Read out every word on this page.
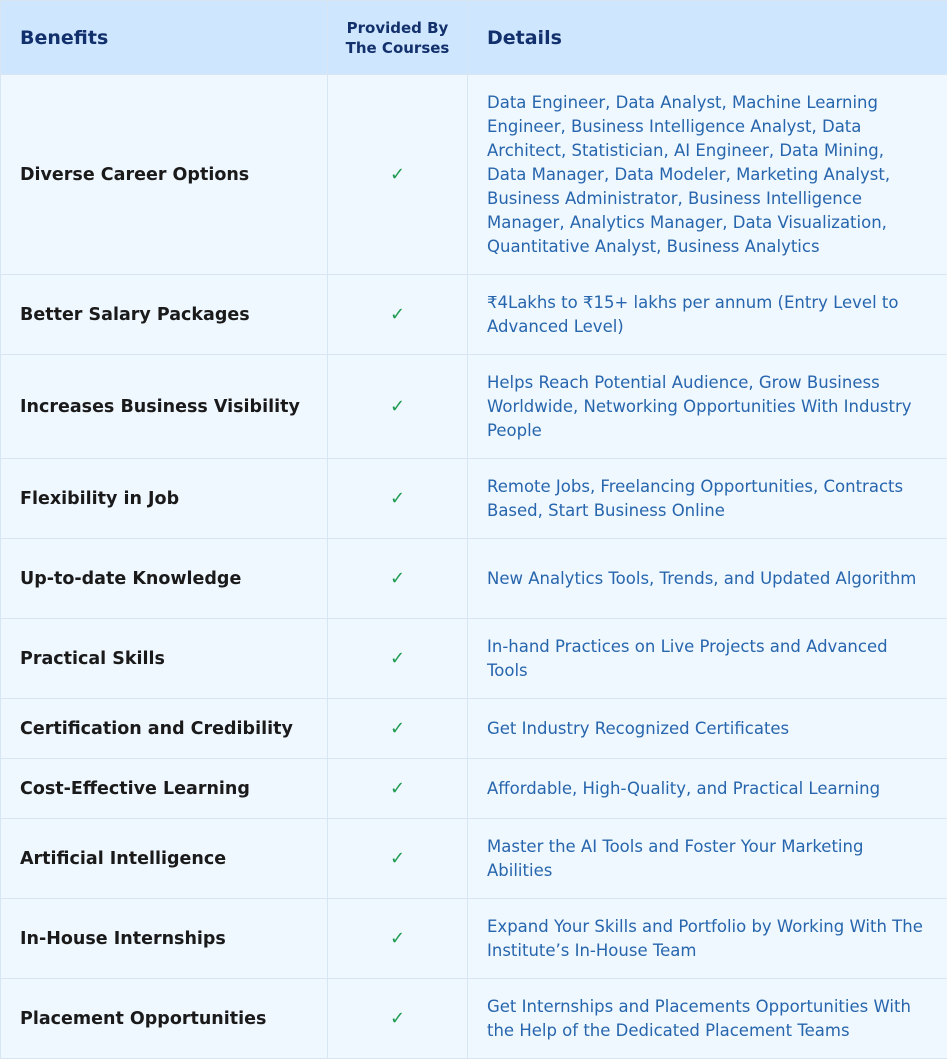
Benefits	Provided By The Courses	Details
Diverse Career Options	✓	Data Engineer, Data Analyst, Machine Learning Engineer, Business Intelligence Analyst, Data Architect, Statistician, AI Engineer, Data Mining, Data Manager, Data Modeler, Marketing Analyst, Business Administrator, Business Intelligence Manager, Analytics Manager, Data Visualization, Quantitative Analyst, Business Analytics
Better Salary Packages	✓	₹4Lakhs to ₹15+ lakhs per annum (Entry Level to Advanced Level)
Increases Business Visibility	✓	Helps Reach Potential Audience, Grow Business Worldwide, Networking Opportunities With Industry People
Flexibility in Job	✓	Remote Jobs, Freelancing Opportunities, Contracts Based, Start Business Online
Up-to-date Knowledge	✓	New Analytics Tools, Trends, and Updated Algorithm
Practical Skills	✓	In-hand Practices on Live Projects and Advanced Tools
Certification and Credibility	✓	Get Industry Recognized Certificates
Cost-Effective Learning	✓	Affordable, High-Quality, and Practical Learning
Artificial Intelligence	✓	Master the AI Tools and Foster Your Marketing Abilities
In-House Internships	✓	Expand Your Skills and Portfolio by Working With The Institute’s In-House Team
Placement Opportunities	✓	Get Internships and Placements Opportunities With the Help of the Dedicated Placement Teams
